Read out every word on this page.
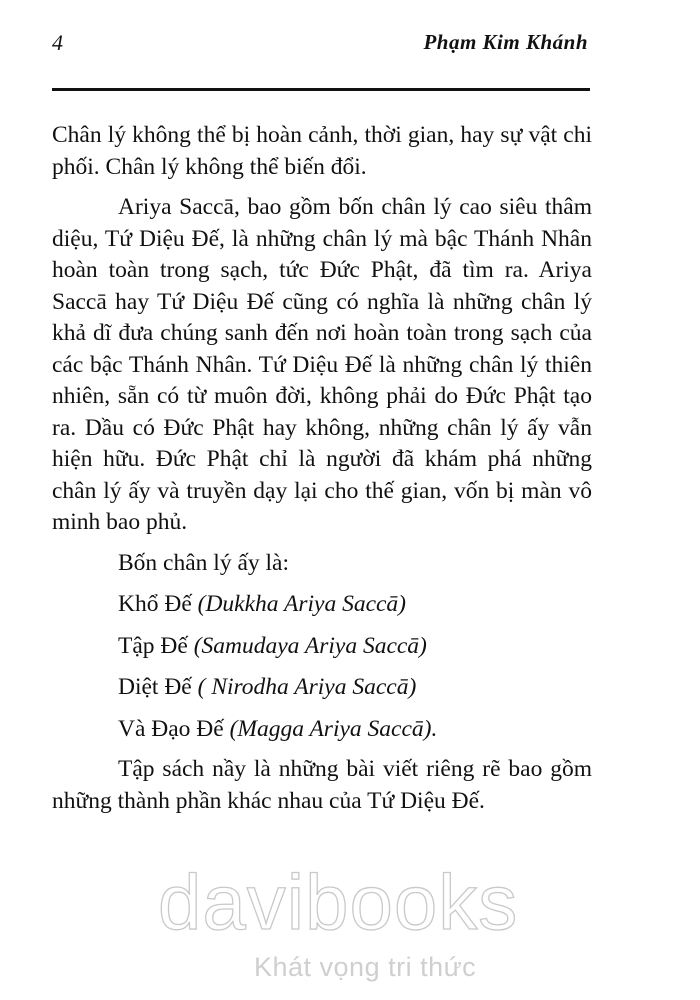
4	Phạm Kim Khánh

Chân lý không thể bị hoàn cảnh, thời gian, hay sự vật chi phối. Chân lý không thể biến đổi.

Ariya Saccā, bao gồm bốn chân lý cao siêu thâm diệu, Tứ Diệu Đế, là những chân lý mà bậc Thánh Nhân hoàn toàn trong sạch, tức Đức Phật, đã tìm ra. Ariya Saccā hay Tứ Diệu Đế cũng có nghĩa là những chân lý khả dĩ đưa chúng sanh đến nơi hoàn toàn trong sạch của các bậc Thánh Nhân. Tứ Diệu Đế là những chân lý thiên nhiên, sẵn có từ muôn đời, không phải do Đức Phật tạo ra. Dầu có Đức Phật hay không, những chân lý ấy vẫn hiện hữu. Đức Phật chỉ là người đã khám phá những chân lý ấy và truyền dạy lại cho thế gian, vốn bị màn vô minh bao phủ.

Bốn chân lý ấy là:

Khổ Đế (Dukkha Ariya Saccā)

Tập Đế (Samudaya Ariya Saccā)

Diệt Đế ( Nirodha Ariya Saccā)

Và Đạo Đế (Magga Ariya Saccā).

Tập sách nầy là những bài viết riêng rẽ bao gồm những thành phần khác nhau của Tứ Diệu Đế.

davibooks
Khát vọng tri thức
